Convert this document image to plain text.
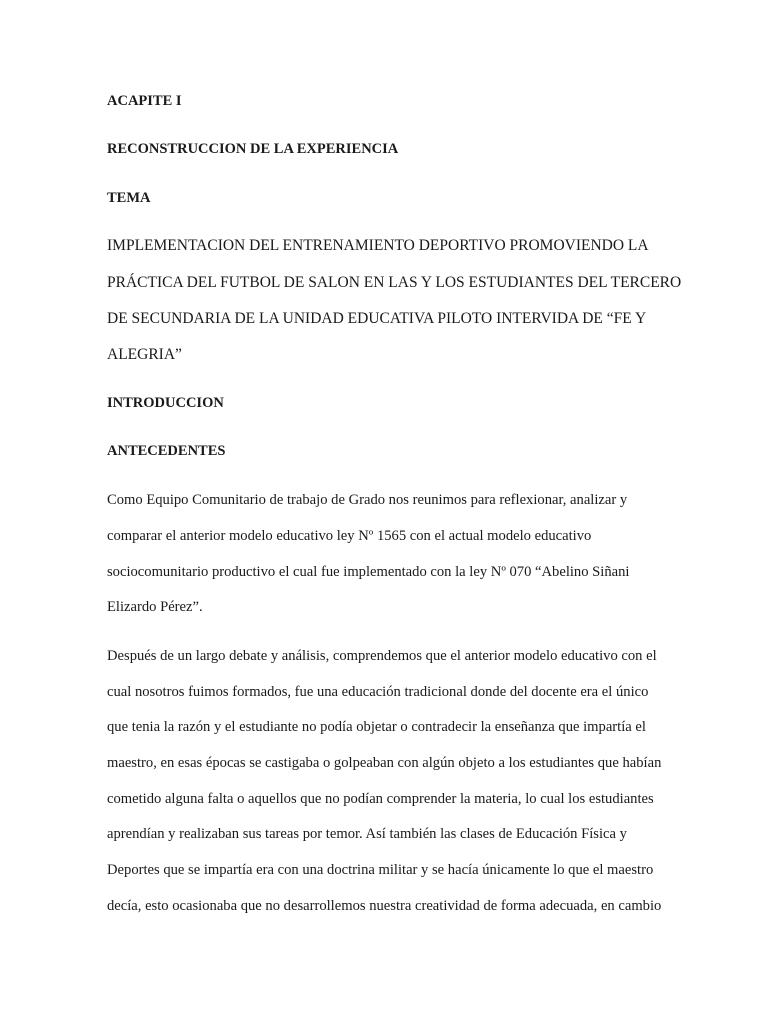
ACAPITE I
RECONSTRUCCION DE LA EXPERIENCIA
TEMA
IMPLEMENTACION DEL ENTRENAMIENTO DEPORTIVO PROMOVIENDO LA
PRÁCTICA DEL FUTBOL DE SALON EN LAS Y LOS ESTUDIANTES DEL TERCERO
DE SECUNDARIA DE LA UNIDAD EDUCATIVA PILOTO INTERVIDA DE “FE Y
ALEGRIA”
INTRODUCCION
ANTECEDENTES
Como Equipo Comunitario de trabajo de Grado nos reunimos para reflexionar, analizar y
comparar el anterior modelo educativo ley Nº 1565 con el actual modelo educativo
sociocomunitario productivo el cual fue implementado con la ley Nº 070 “Abelino Siñani
Elizardo Pérez”.
Después de un largo debate y análisis, comprendemos que el anterior modelo educativo con el
cual nosotros fuimos formados, fue una educación tradicional donde del docente era el único
que tenia la razón y el estudiante no podía objetar o contradecir la enseñanza que impartía el
maestro, en esas épocas se castigaba o golpeaban con algún objeto a los estudiantes que habían
cometido alguna falta o aquellos que no podían comprender la materia, lo cual los estudiantes
aprendían y realizaban sus tareas por temor. Así también las clases de Educación Física y
Deportes que se impartía era con una doctrina militar y se hacía únicamente lo que el maestro
decía, esto ocasionaba que no desarrollemos nuestra creatividad de forma adecuada, en cambio
